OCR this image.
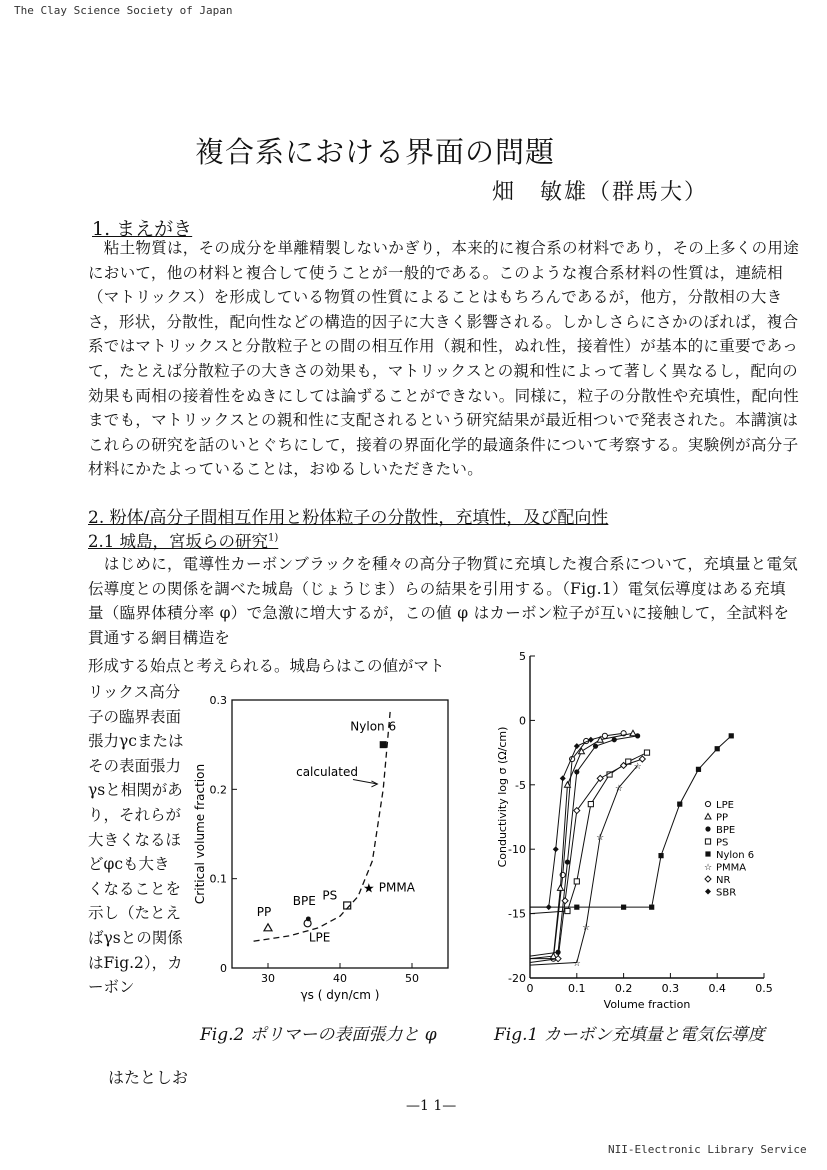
The Clay Science Society of Japan
複合系における界面の問題
畑　敏雄（群馬大）
1. まえがき
　粘土物質は，その成分を単離精製しないかぎり，本来的に複合系の材料であり，その上多くの用途において，他の材料と複合して使うことが一般的である。このような複合系材料の性質は，連続相（マトリックス）を形成している物質の性質によることはもちろんであるが，他方，分散相の大きさ，形状，分散性，配向性などの構造的因子に大きく影響される。しかしさらにさかのぼれば，複合系ではマトリックスと分散粒子との間の相互作用（親和性，ぬれ性，接着性）が基本的に重要であって，たとえば分散粒子の大きさの効果も，マトリックスとの親和性によって著しく異なるし，配向の効果も両相の接着性をぬきにしては論ずることができない。同様に，粒子の分散性や充填性，配向性までも，マトリックスとの親和性に支配されるという研究結果が最近相ついで発表された。本講演はこれらの研究を話のいとぐちにして，接着の界面化学的最適条件について考察する。実験例が高分子材料にかたよっていることは，おゆるしいただきたい。
2. 粉体/高分子間相互作用と粉体粒子の分散性，充填性，及び配向性
2.1 城島，宮坂らの研究$^{1)}$
　はじめに，電導性カーボンブラックを種々の高分子物質に充填した複合系について，充填量と電気伝導度との関係を調べた城島（じょうじま）らの結果を引用する。（Fig.1）電気伝導度はある充填量（臨界体積分率 φ）で急激に増大するが，この値 φ はカーボン粒子が互いに接触して，全試料を貫通する網目構造を
形成する始点と考えられる。城島らはこの値がマト
リックス高分子の臨界表面張力γcまたはその表面張力γsと相関があり，それらが大きくなるほどφcも大きくなることを示し（たとえばγsとの関係はFig.2），カーボン	30	40	50
0
0.1
0.2
0.3
γs ( dyn/cm )
Critical volume fraction	★
calculated
PP
LPE
BPE PS
PMMA
Nylon 6
Fig.2 ポリマーの表面張力と φ
0	0.1	0.2	0.3	0.4	0.5
5
0
-5
-10
-15
-20
Volume fraction
Conductivity log σ (Ω/cm)
☆
☆
☆
☆
☆
LPE
PP
BPE
PS
Nylon 6
☆ PMMA
NR
SBR
Fig.1 カーボン充填量と電気伝導度
はたとしお
—1 1—
NII-Electronic Library Service
